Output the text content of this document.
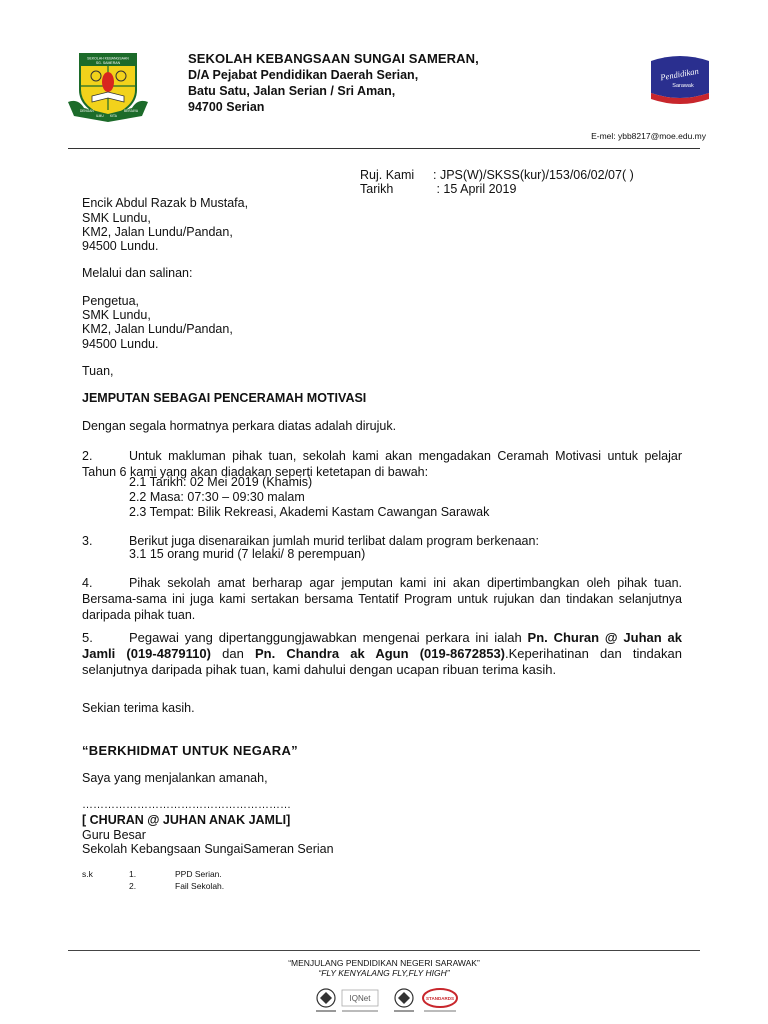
SEKOLAH KEBANGSAAN
SG. SAMERAN
DENGAN
ILMU KITA
BERJAYA
SEKOLAH KEBANGSAAN SUNGAI SAMERAN,
D/A Pejabat Pendidikan Daerah Serian,
Batu Satu, Jalan Serian / Sri Aman,
94700 Serian
Pendidikan
Sarawak
E-mel: ybb8217@moe.edu.my
Ruj. Kami : JPS(W)/SKSS(kur)/153/06/02/07( )
Tarikh	: 15 April 2019
Encik Abdul Razak b Mustafa,
SMK Lundu,
KM2, Jalan Lundu/Pandan,
94500 Lundu.
Melalui dan salinan:
Pengetua,
SMK Lundu,
KM2, Jalan Lundu/Pandan,
94500 Lundu.
Tuan,
JEMPUTAN SEBAGAI PENCERAMAH MOTIVASI
Dengan segala hormatnya perkara diatas adalah dirujuk.
2.	Untuk makluman pihak tuan, sekolah kami akan mengadakan Ceramah Motivasi untuk pelajar Tahun 6 kami yang akan diadakan seperti ketetapan di bawah:
2.1 Tarikh: 02 Mei 2019 (Khamis)
2.2 Masa: 07:30 – 09:30 malam
2.3 Tempat: Bilik Rekreasi, Akademi Kastam Cawangan Sarawak
3.	Berikut juga disenaraikan jumlah murid terlibat dalam program berkenaan:
3.1 15 orang murid (7 lelaki/ 8 perempuan)
4.	Pihak sekolah amat berharap agar jemputan kami ini akan dipertimbangkan oleh pihak tuan. Bersama-sama ini juga kami sertakan bersama Tentatif Program untuk rujukan dan tindakan selanjutnya daripada pihak tuan.
5.	Pegawai yang dipertanggungjawabkan mengenai perkara ini ialah Pn. Churan @ Juhan ak Jamli (019-4879110) dan Pn. Chandra ak Agun (019-8672853).Keperihatinan dan tindakan selanjutnya daripada pihak tuan, kami dahului dengan ucapan ribuan terima kasih.
Sekian terima kasih.
“BERKHIDMAT UNTUK NEGARA”
Saya yang menjalankan amanah,
…………………………………………………
[ CHURAN @ JUHAN ANAK JAMLI]
Guru Besar
Sekolah Kebangsaan SungaiSameran Serian
s.k	1.	PPD Serian.
2.	Fail Sekolah.
“MENJULANG PENDIDIKAN NEGERI SARAWAK”
“FLY KENYALANG FLY,FLY HIGH”
IQNet	STANDARDS
